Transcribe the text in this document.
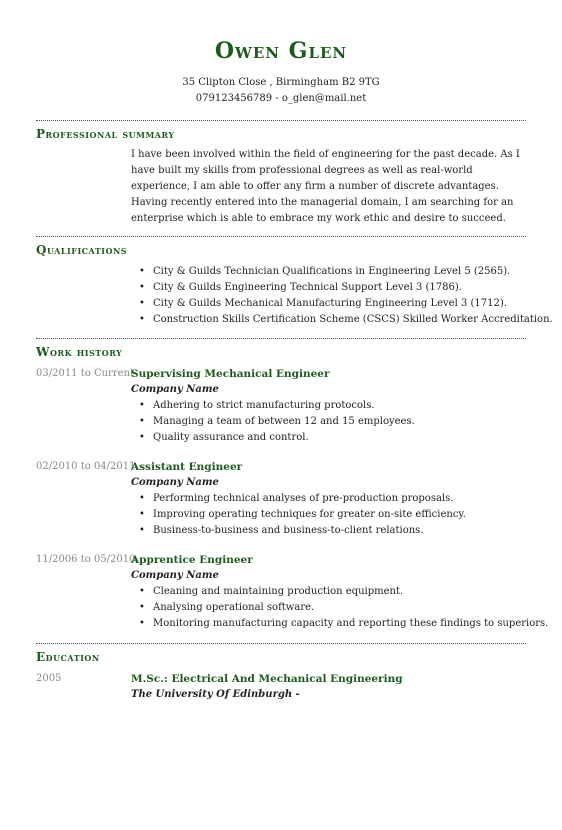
Owen Glen
35 Clipton Close , Birmingham B2 9TG
07912345678​9 - o_glen@mail.net
Professional summary
I have been involved within the field of engineering for the past decade. As I have built my skills from professional degrees as well as real-world experience, I am able to offer any firm a number of discrete advantages. Having recently entered into the managerial domain, I am searching for an enterprise which is able to embrace my work ethic and desire to succeed.
Qualifications
• City & Guilds Technician Qualifications in Engineering Level 5 (2565).
• City & Guilds Engineering Technical Support Level 3 (1786).
• City & Guilds Mechanical Manufacturing Engineering Level 3 (1712).
• Construction Skills Certification Scheme (CSCS) Skilled Worker Accreditation.
Work history
03/2011 to Current
Supervising Mechanical Engineer
Company Name
• Adhering to strict manufacturing protocols.
• Managing a team of between 12 and 15 employees.
• Quality assurance and control.
02/2010 to 04/2011
Assistant Engineer
Company Name
• Performing technical analyses of pre-production proposals.
• Improving operating techniques for greater on-site efficiency.
• Business-to-business and business-to-client relations.
11/2006 to 05/2010
Apprentice Engineer
Company Name
• Cleaning and maintaining production equipment.
• Analysing operational software.
• Monitoring manufacturing capacity and reporting these findings to superiors.
Education
2005	M.Sc.: Electrical And Mechanical Engineering
The University Of Edinburgh -
